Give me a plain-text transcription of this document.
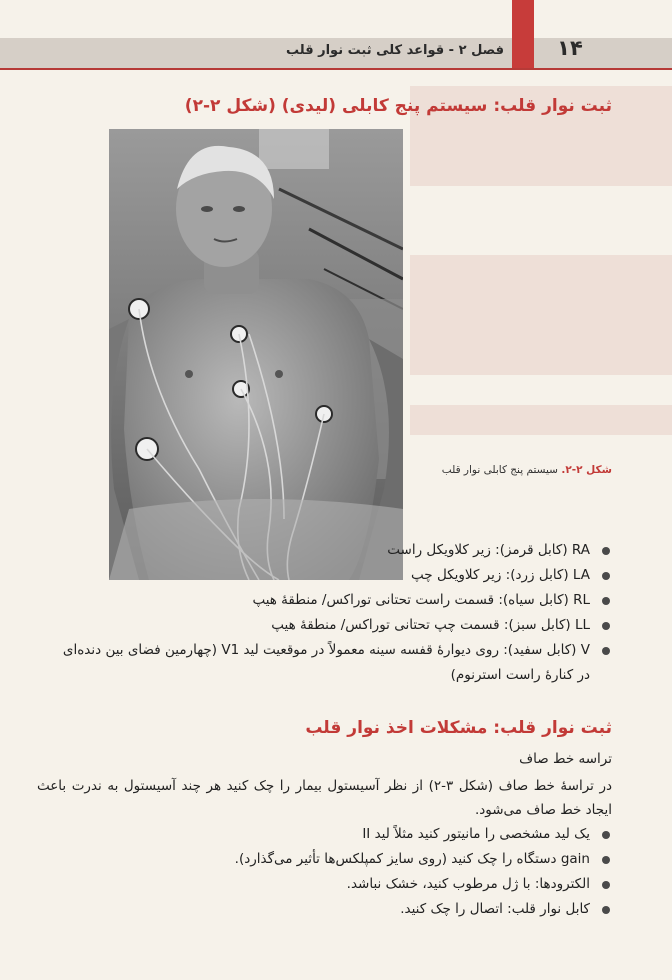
۱۴
فصل ۲ - قواعد کلی ثبت نوار قلب
ثبت نوار قلب: سیستم پنج کابلی (لیدی) (شکل ۲-۲)
شکل ۲-۲. سیستم پنج کابلی نوار قلب
RA (کابل قرمز): زیر کلاویکل راست
LA (کابل زرد): زیر کلاویکل چپ
RL (کابل سیاه): قسمت راست تحتانی توراکس/ منطقهٔ هیپ
LL (کابل سبز): قسمت چپ تحتانی توراکس/ منطقهٔ هیپ
V (کابل سفید): روی دیوارهٔ قفسه سینه معمولاً در موقعیت لید V1 (چهارمین فضای بین دنده‌ای در کنارهٔ راست استرنوم)
ثبت نوار قلب: مشکلات اخذ نوار قلب
تراسه خط صاف
در تراسهٔ خط صاف (شکل ۳-۲) از نظر آسیستول بیمار را چک کنید هر چند آسیستول به ندرت باعث ایجاد خط صاف می‌شود.
یک لید مشخصی را مانیتور کنید مثلاً لید II
gain دستگاه را چک کنید (روی سایز کمپلکس‌ها تأثیر می‌گذارد).
الکترودها: با ژل مرطوب کنید، خشک نباشد.
کابل نوار قلب: اتصال را چک کنید.
